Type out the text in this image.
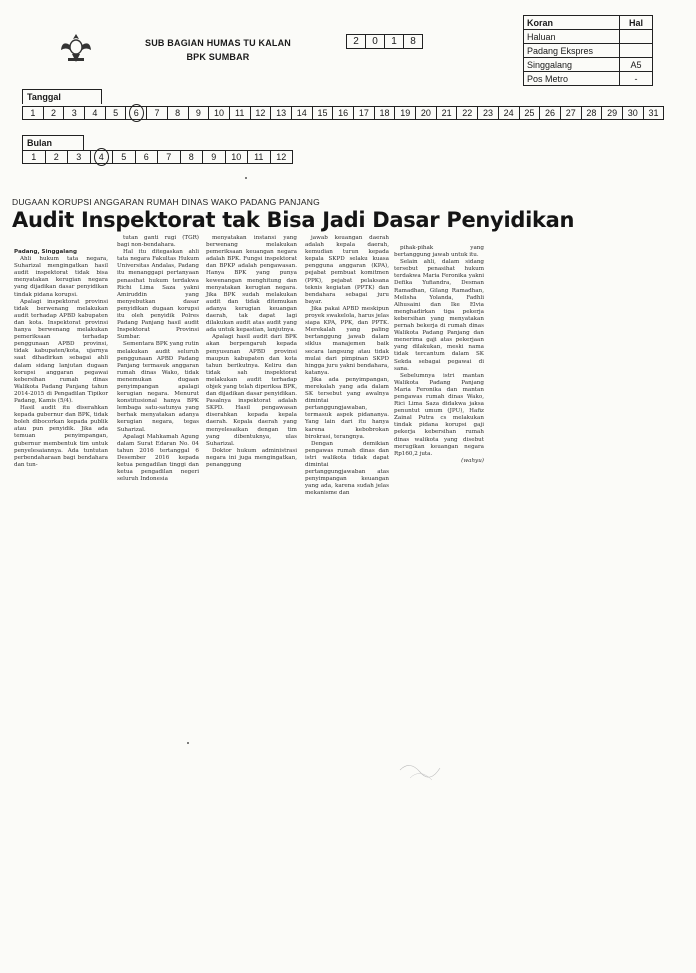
SUB BAGIAN HUMAS TU KALAN
BPK SUMBAR
2	0	1	8
Koran	Hal
Haluan	
Padang Ekspres	
Singgalang	A5
Pos Metro	-
Tanggal
1	2	3	4	5	6	7	8	9	10	11	12	13	14	15	16	17	18	19	20	21	22	23	24	25	26	27	28	29	30	31
Bulan
1	2	3	4	5	6	7	8	9	10	11	12
DUGAAN KORUPSI ANGGARAN RUMAH DINAS WAKO PADANG PANJANG
Audit Inspektorat tak Bisa Jadi Dasar Penyidikan

Padang, Singgalang

Ahli hukum tata negara, Suharizal mengingatkan hasil audit inspektorat tidak bisa menyatakan kerugian negara yang dijadikan dasar penyidikan tindak pidana korupsi.

Apalagi inspektorat provinsi tidak berwenang melakukan audit terhadap APBD kabupaten dan kota. Inspektorat provinsi hanya berwenang melakukan pemeriksaan terhadap penggunaan APBD provinsi, tidak kabupaten/kota, ujarnya saat dihadirkan sebagai ahli dalam sidang lanjutan dugaan korupsi anggaran pegawai kebersihan rumah dinas Walikota Padang Panjang tahun 2014-2015 di Pengadilan Tipikor Padang, Kamis (5/4).

Hasil audit itu diserahkan kepada gubernur dan BPK, tidak boleh dibocorkan kepada publik atau pun penyidik. Jika ada temuan penyimpangan, gubernur membentuk tim untuk penyelesaiannya. Ada tuntutan perbendaharaan bagi bendahara dan tun-

tutan ganti rugi (TGR) bagi non-bendahara.

Hal itu ditegaskan ahli tata negara Fakultas Hukum Universitas Andalas, Padang itu menanggapi pertanyaan penasihat hukum terdakwa Richi Lima Saza yakni Amiruddin yang menyebutkan dasar penyidikan dugaan korupsi itu oleh penyidik Polres Padang Panjang hasil audit Inspektorat Provinsi Sumbar.

Sementara BPK yang rutin melakukan audit seluruh penggunaan APBD Padang Panjang termasuk anggaran rumah dinas Wako, tidak menemukan dugaan penyimpangan apalagi kerugian negara. Menurut konstitusional hanya BPK lembaga satu-satunya yang berhak menyatakan adanya kerugian negara, tegas Suharizal.

Apalagi Mahkamah Agung dalam Surat Edaran No. 04 tahun 2016 tertanggal 6 Desember 2016 kepada ketua pengadilan tinggi dan ketua pengadilan negeri seluruh Indonesia

menyatakan instansi yang berwenang melakukan pemeriksaan keuangan negara adalah BPK. Fungsi inspektorat dan BPKP adalah pengawasan. Hanya BPK yang punya kewenangan menghitung dan menyatakan kerugian negara. Jika BPK sudah melakukan audit dan tidak ditemukan adanya kerugian keuangan daerah, tak dapat lagi dilakukan audit atas audit yang ada untuk kepastian, lanjutnya.

Apalagi hasil audit dari BPK akan berpengaruh kepada penyusunan APBD provinsi maupun kabupaten dan kota tahun berikutnya. Keliru dan tidak sah inspektorat melakukan audit terhadap objek yang telah diperiksa BPK, dan dijadikan dasar penyidikan. Pasalnya inspektorat adalah SKPD. Hasil pengawasan diserahkan kepada kepala daerah. Kepala daerah yang menyelesaikan dengan tim yang dibentuknya, ulas Suharizal.

Doktor hukum administrasi negara ini juga mengingatkan, penanggung

jawab keuangan daerah adalah kepala daerah, kemudian turun kepada kepala SKPD selaku kuasa pengguna anggaran (KPA), pejabat pembuat komitmen (PPK), pejabat pelaksana teknis kegiatan (PPTK) dan bendahara sebagai juru bayar.

Jika pakai APBD meskipun proyek swakelola, harus jelas siapa KPA, PPK, dan PPTK. Merekalah yang paling bertanggung jawab dalam siklus manajemen baik secara langsung atau tidak mulai dari pimpinan SKPD hingga juru yakni bendahara, katanya.

Jika ada penyimpangan, merekalah yang ada dalam SK tersebut yang awalnya dimintai pertanggungjawaban, termasuk aspek pidananya. Yang lain dari itu hanya karena kebobrokan birokrasi, terangnya.

Dengan demikian pengawas rumah dinas dan istri walikota tidak dapat dimintai pertanggungjawaban atas penyimpangan keuangan yang ada, karena sudah jelas mekanisme dan

pihak-pihak yang bertanggung jawab untuk itu.

Selain ahli, dalam sidang tersebut penasihat hukum terdakwa Maria Feronika yakni Defika Yufiandra, Desman Ramadhan, Gilang Ramadhan, Melisha Yolanda, Fadhli Alhusaini dan Ike Elvia menghadirkan tiga pekerja kebersihan yang menyatakan pernah bekerja di rumah dinas Walikota Padang Panjang dan menerima gaji atas pekerjaan yang dilakukan, meski nama tidak tercantum dalam SK Sekda sebagai pegawai di sana.

Sebelumnya istri mantan Walikota Padang Panjang Maria Feronika dan mantan pengawas rumah dinas Wako, Rici Lima Saza didakwa jaksa penuntut umum (JPU), Hafiz Zainal Putra cs melakukan tindak pidana korupsi gaji pekerja kebersihan rumah dinas walikota yang disebut merugikan keuangan negara Rp160,2 juta.

(wahyu)
